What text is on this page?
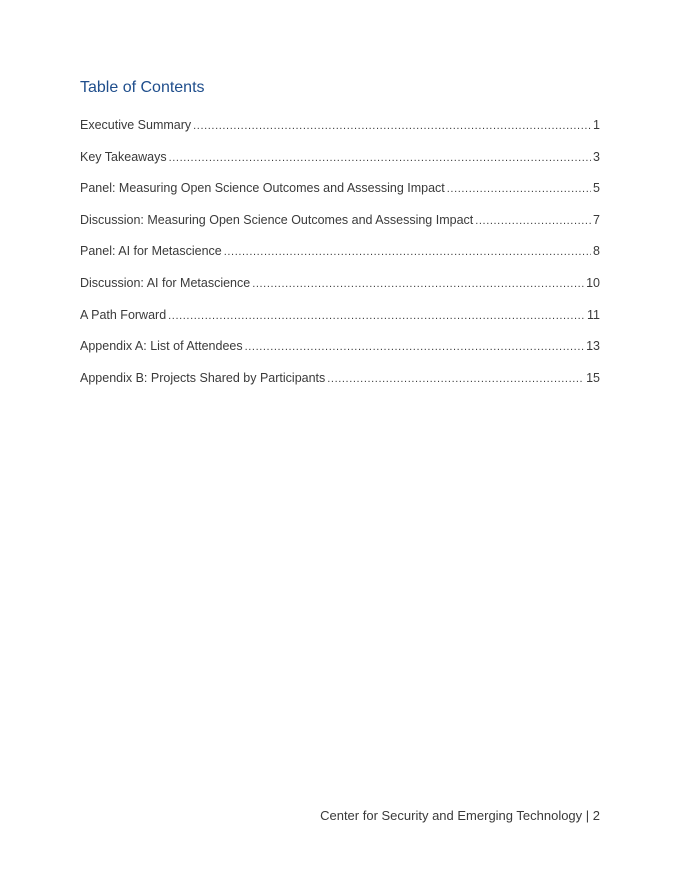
Table of Contents
Executive Summary .....	1
Key Takeaways .....	3
Panel: Measuring Open Science Outcomes and Assessing Impact .....	5
Discussion: Measuring Open Science Outcomes and Assessing Impact .....	7
Panel: AI for Metascience .....	8
Discussion: AI for Metascience .....	10
A Path Forward .....	11
Appendix A: List of Attendees .....	13
Appendix B: Projects Shared by Participants .....	15
Center for Security and Emerging Technology | 2
